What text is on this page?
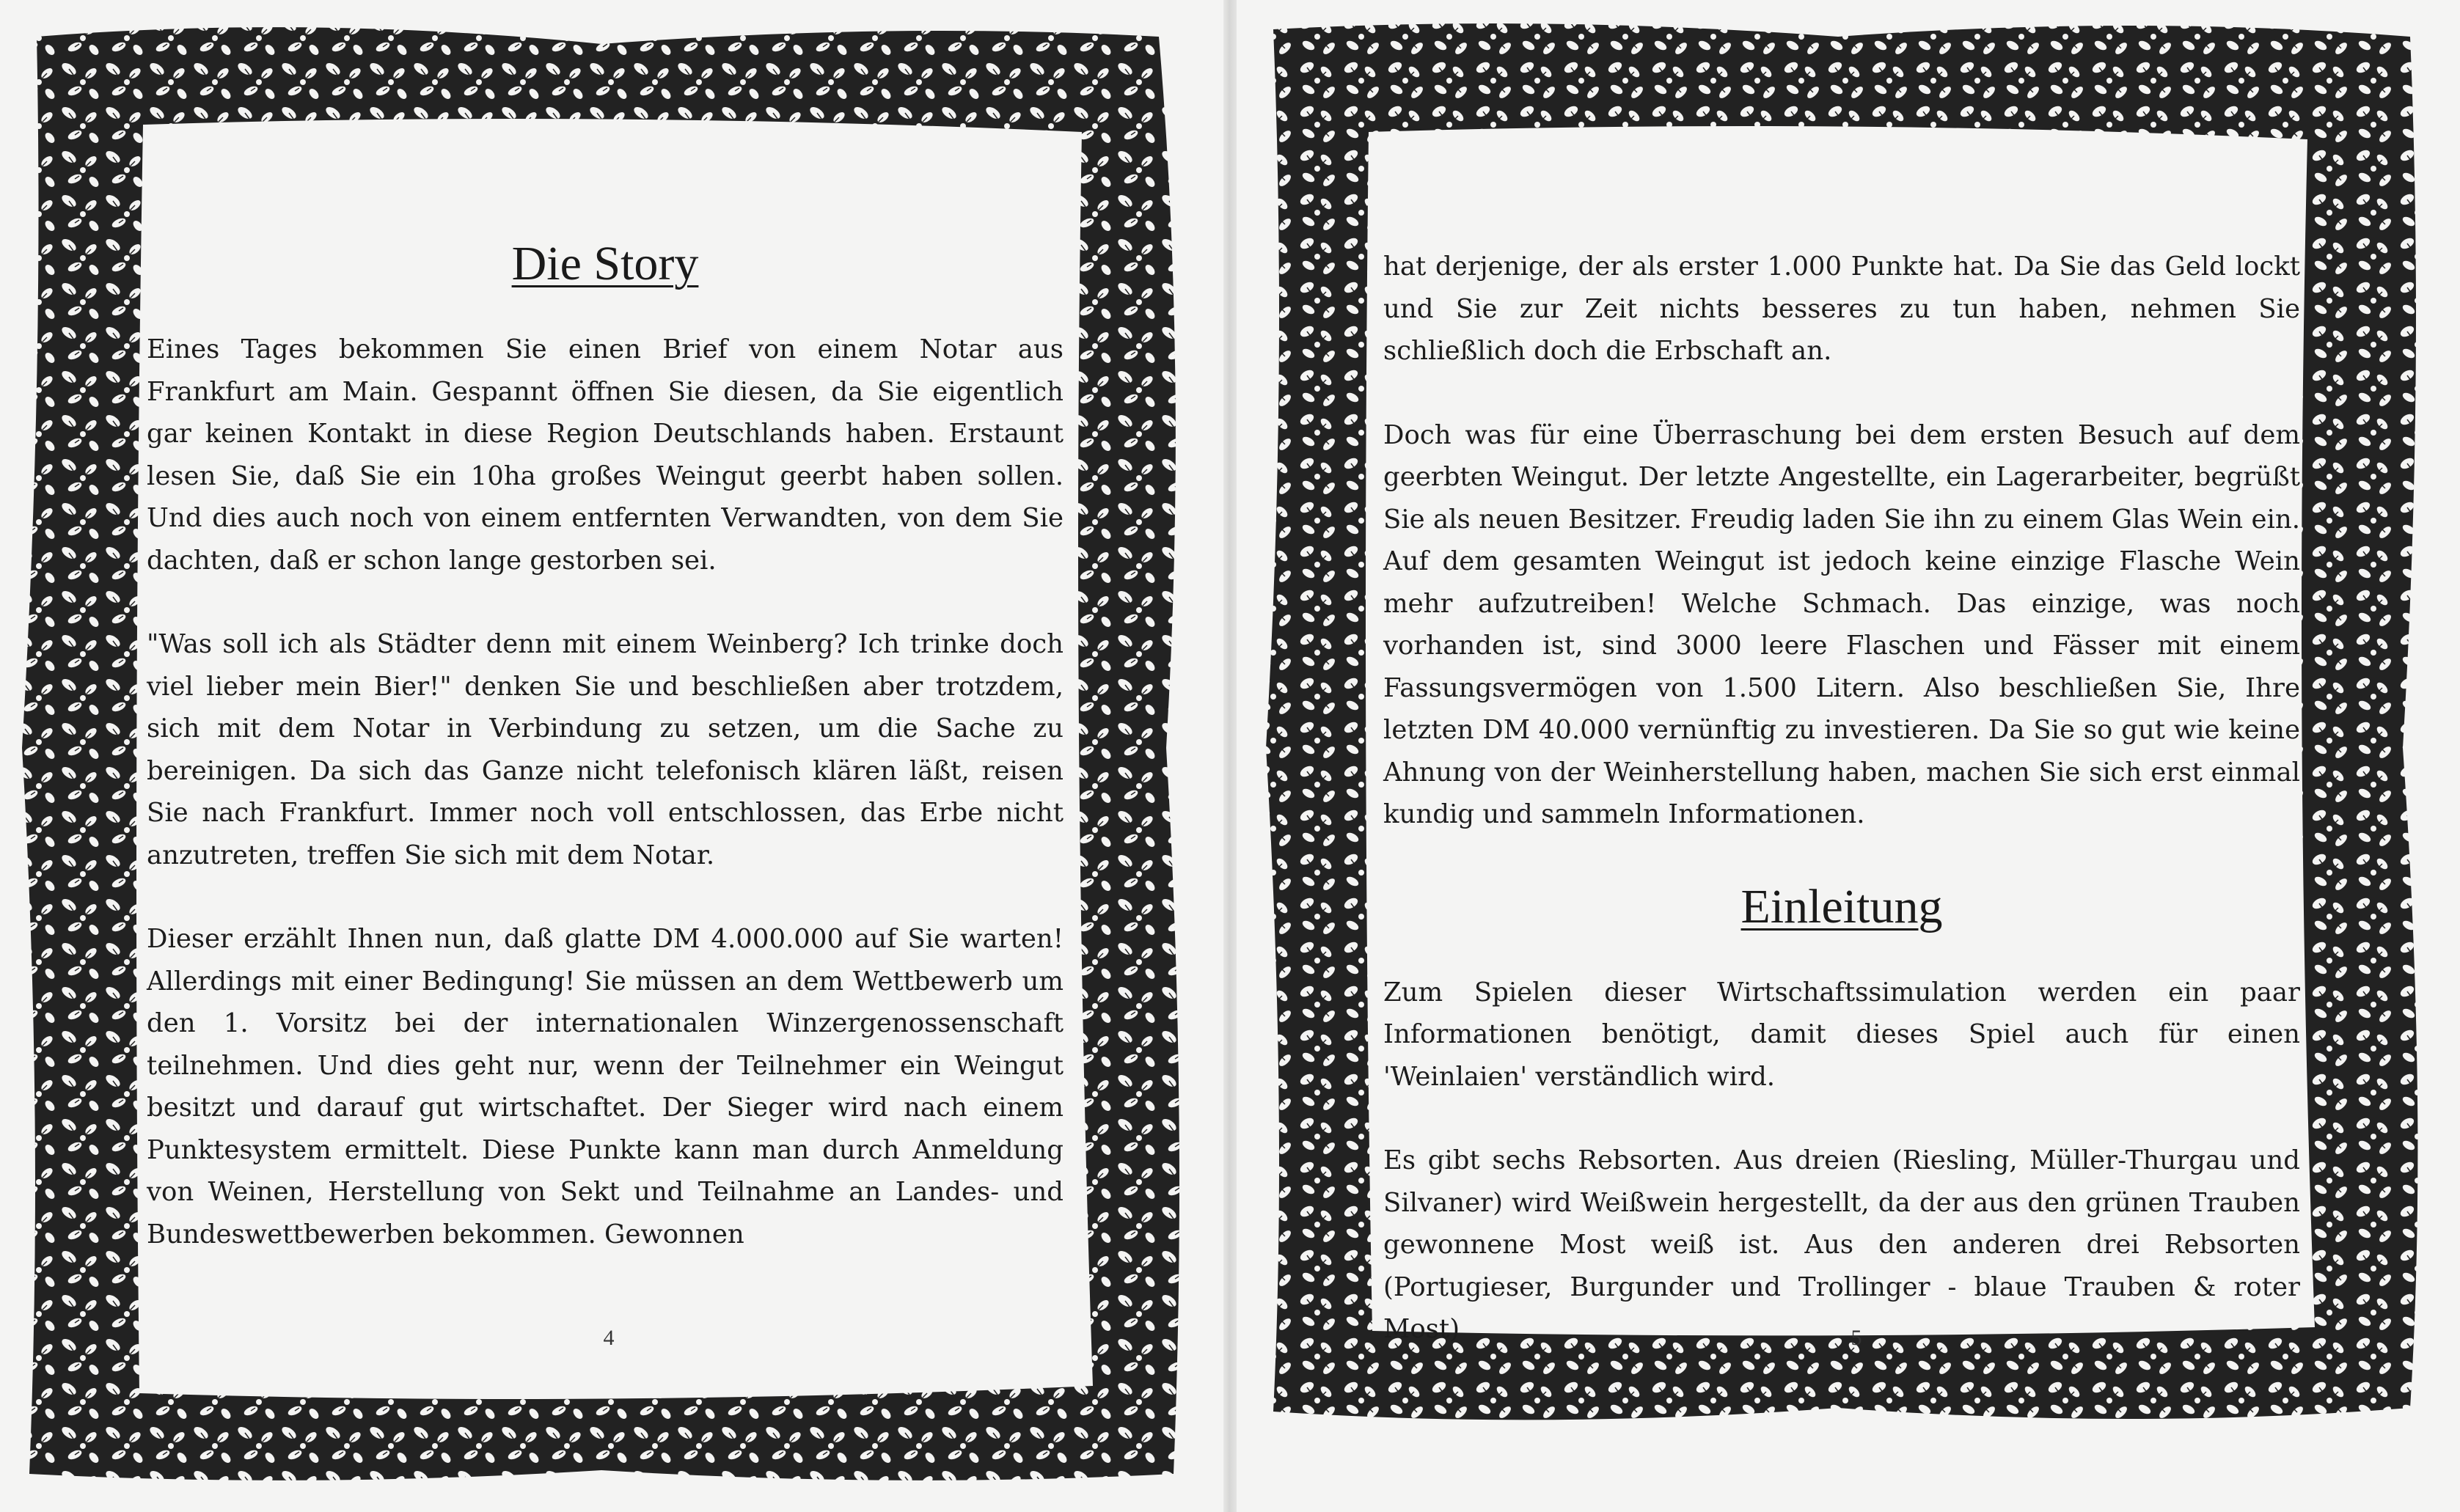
Die Story

Eines Tages bekommen Sie einen Brief von einem Notar aus Frankfurt am Main. Gespannt öffnen Sie diesen, da Sie eigentlich gar keinen Kontakt in diese Region Deutschlands haben. Erstaunt lesen Sie, daß Sie ein 10ha großes Weingut geerbt haben sollen. Und dies auch noch von einem entfernten Verwandten, von dem Sie dachten, daß er schon lange gestorben sei.

"Was soll ich als Städter denn mit einem Weinberg? Ich trinke doch viel lieber mein Bier!" denken Sie und beschließen aber trotzdem, sich mit dem Notar in Verbindung zu setzen, um die Sache zu bereinigen. Da sich das Ganze nicht telefonisch klären läßt, reisen Sie nach Frankfurt. Immer noch voll entschlossen, das Erbe nicht anzutreten, treffen Sie sich mit dem Notar.

Dieser erzählt Ihnen nun, daß glatte DM 4.000.000 auf Sie warten! Allerdings mit einer Bedingung! Sie müssen an dem Wettbewerb um den 1. Vorsitz bei der internationalen Winzergenossenschaft teilnehmen. Und dies geht nur, wenn der Teilnehmer ein Weingut besitzt und darauf gut wirtschaftet. Der Sieger wird nach einem Punktesystem ermittelt. Diese Punkte kann man durch Anmeldung von Weinen, Herstellung von Sekt und Teilnahme an Landes- und Bundeswettbewerben bekommen. Gewonnen

4

hat derjenige, der als erster 1.000 Punkte hat. Da Sie das Geld lockt und Sie zur Zeit nichts besseres zu tun haben, nehmen Sie schließlich doch die Erbschaft an.

Doch was für eine Überraschung bei dem ersten Besuch auf dem geerbten Weingut. Der letzte Angestellte, ein Lagerarbeiter, begrüßt Sie als neuen Besitzer. Freudig laden Sie ihn zu einem Glas Wein ein. Auf dem gesamten Weingut ist jedoch keine einzige Flasche Wein mehr aufzutreiben! Welche Schmach. Das einzige, was noch vorhanden ist, sind 3000 leere Flaschen und Fässer mit einem Fassungsvermögen von 1.500 Litern. Also beschließen Sie, Ihre letzten DM 40.000 vernünftig zu investieren. Da Sie so gut wie keine Ahnung von der Weinherstellung haben, machen Sie sich erst einmal kundig und sammeln Informationen.

Einleitung

Zum Spielen dieser Wirtschaftssimulation werden ein paar Informationen benötigt, damit dieses Spiel auch für einen 'Weinlaien' verständlich wird.

Es gibt sechs Rebsorten. Aus dreien (Riesling, Müller-Thurgau und Silvaner) wird Weißwein hergestellt, da der aus den grünen Trauben gewonnene Most weiß ist. Aus den anderen drei Rebsorten (Portugieser, Burgunder und Trollinger - blaue Trauben & roter Most)	5
